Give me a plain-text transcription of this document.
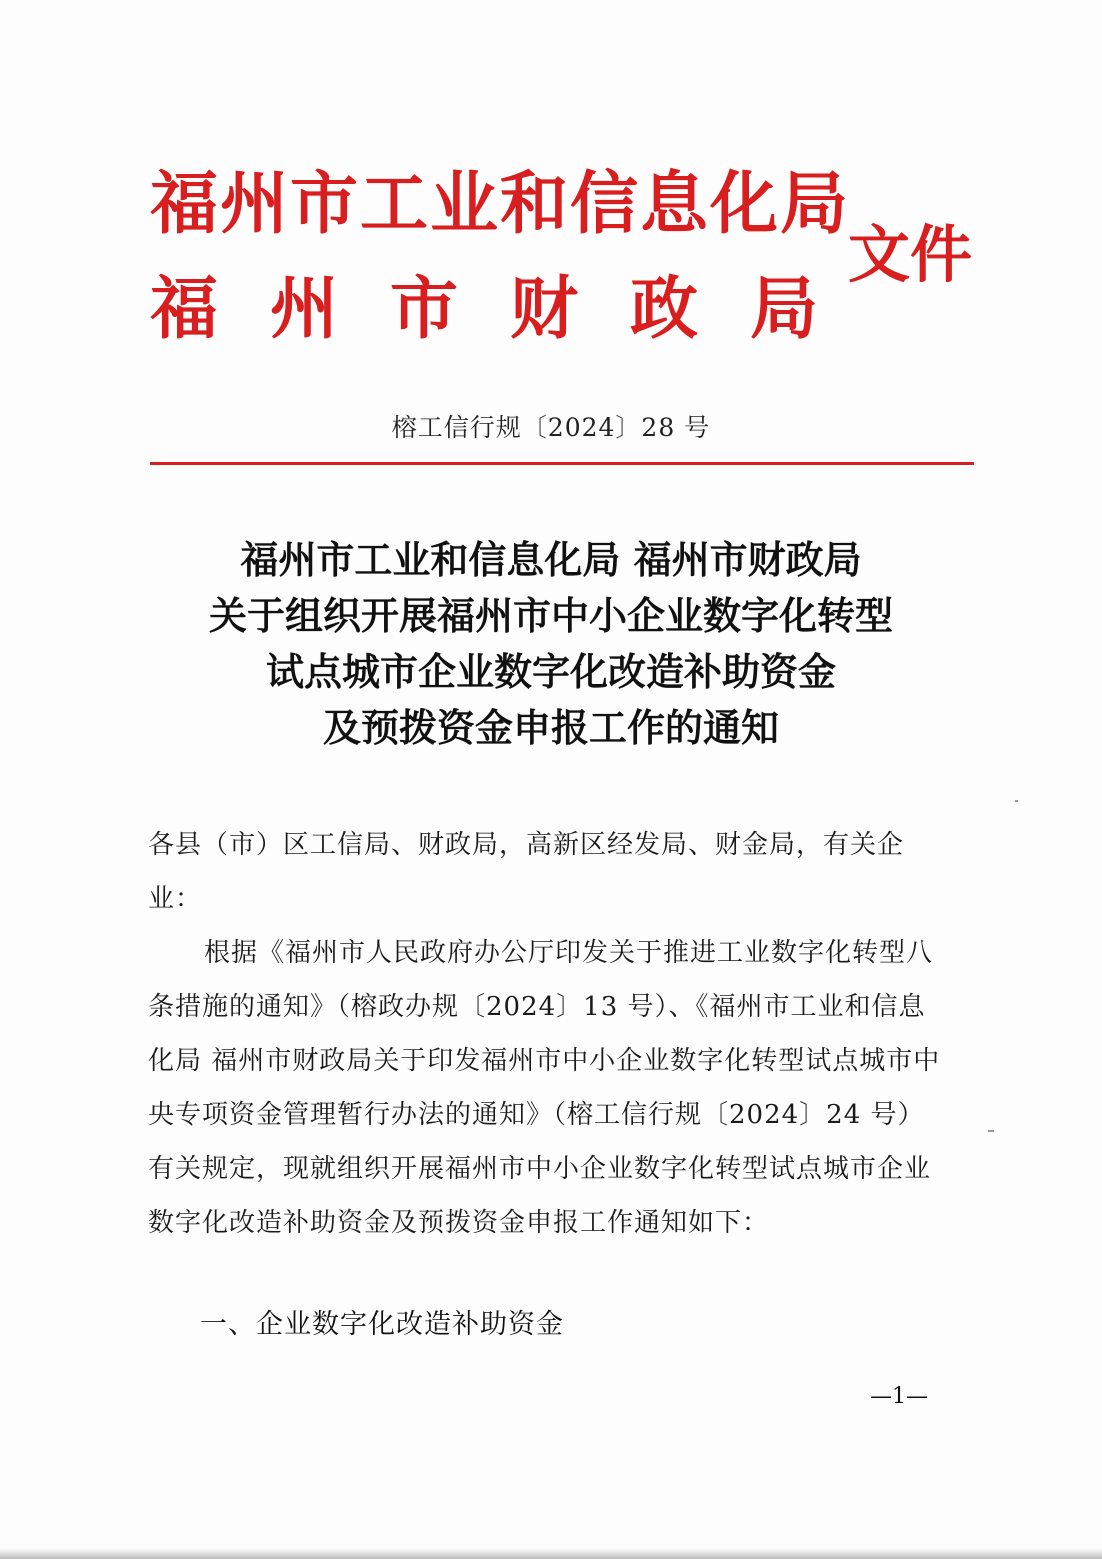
福州市工业和信息化局
福州市财政局
文件
榕工信行规〔2024〕28 号
福州市工业和信息化局 福州市财政局
关于组织开展福州市中小企业数字化转型
试点城市企业数字化改造补助资金
及预拨资金申报工作的通知
各县（市）区工信局、财政局，高新区经发局、财金局，有关企业：
根据《福州市人民政府办公厅印发关于推进工业数字化转型八条措施的通知》（榕政办规〔2024〕13 号）、《福州市工业和信息化局 福州市财政局关于印发福州市中小企业数字化转型试点城市中央专项资金管理暂行办法的通知》（榕工信行规〔2024〕24 号）有关规定，现就组织开展福州市中小企业数字化转型试点城市企业数字化改造补助资金及预拨资金申报工作通知如下：
一、企业数字化改造补助资金
—1—
